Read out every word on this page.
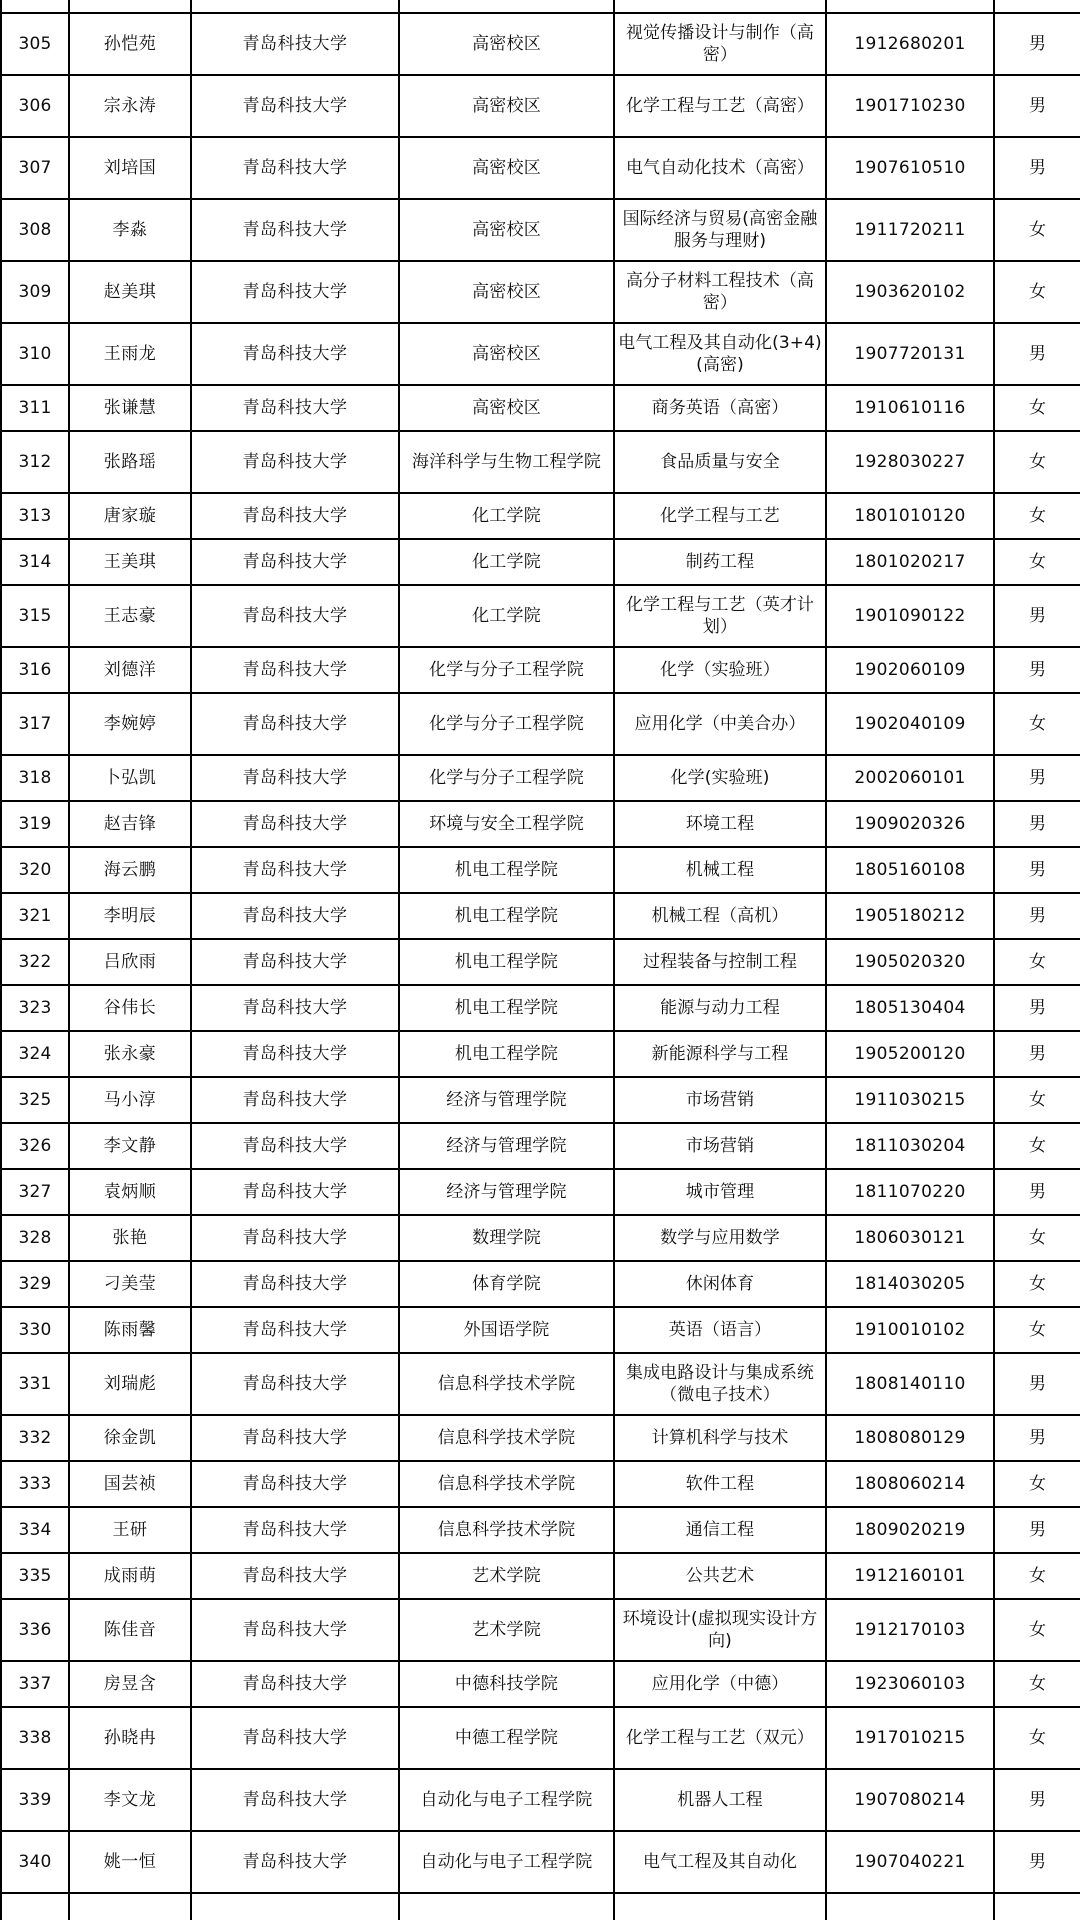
305	孙恺苑	青岛科技大学	高密校区	视觉传播设计与制作（高密）	1912680201	男
306	宗永涛	青岛科技大学	高密校区	化学工程与工艺（高密）	1901710230	男
307	刘培国	青岛科技大学	高密校区	电气自动化技术（高密）	1907610510	男
308	李淼	青岛科技大学	高密校区	国际经济与贸易(高密金融服务与理财)	1911720211	女
309	赵美琪	青岛科技大学	高密校区	高分子材料工程技术（高密）	1903620102	女
310	王雨龙	青岛科技大学	高密校区	电气工程及其自动化(3+4)(高密)	1907720131	男
311	张谦慧	青岛科技大学	高密校区	商务英语（高密）	1910610116	女
312	张路瑶	青岛科技大学	海洋科学与生物工程学院	食品质量与安全	1928030227	女
313	唐家璇	青岛科技大学	化工学院	化学工程与工艺	1801010120	女
314	王美琪	青岛科技大学	化工学院	制药工程	1801020217	女
315	王志豪	青岛科技大学	化工学院	化学工程与工艺（英才计划）	1901090122	男
316	刘德洋	青岛科技大学	化学与分子工程学院	化学（实验班）	1902060109	男
317	李婉婷	青岛科技大学	化学与分子工程学院	应用化学（中美合办）	1902040109	女
318	卜弘凯	青岛科技大学	化学与分子工程学院	化学(实验班)	2002060101	男
319	赵吉锋	青岛科技大学	环境与安全工程学院	环境工程	1909020326	男
320	海云鹏	青岛科技大学	机电工程学院	机械工程	1805160108	男
321	李明辰	青岛科技大学	机电工程学院	机械工程（高机）	1905180212	男
322	吕欣雨	青岛科技大学	机电工程学院	过程装备与控制工程	1905020320	女
323	谷伟长	青岛科技大学	机电工程学院	能源与动力工程	1805130404	男
324	张永豪	青岛科技大学	机电工程学院	新能源科学与工程	1905200120	男
325	马小淳	青岛科技大学	经济与管理学院	市场营销	1911030215	女
326	李文静	青岛科技大学	经济与管理学院	市场营销	1811030204	女
327	袁炳顺	青岛科技大学	经济与管理学院	城市管理	1811070220	男
328	张艳	青岛科技大学	数理学院	数学与应用数学	1806030121	女
329	刁美莹	青岛科技大学	体育学院	休闲体育	1814030205	女
330	陈雨馨	青岛科技大学	外国语学院	英语（语言）	1910010102	女
331	刘瑞彪	青岛科技大学	信息科学技术学院	集成电路设计与集成系统（微电子技术）	1808140110	男
332	徐金凯	青岛科技大学	信息科学技术学院	计算机科学与技术	1808080129	男
333	国芸祯	青岛科技大学	信息科学技术学院	软件工程	1808060214	女
334	王研	青岛科技大学	信息科学技术学院	通信工程	1809020219	男
335	成雨萌	青岛科技大学	艺术学院	公共艺术	1912160101	女
336	陈佳音	青岛科技大学	艺术学院	环境设计(虚拟现实设计方向)	1912170103	女
337	房昱含	青岛科技大学	中德科技学院	应用化学（中德）	1923060103	女
338	孙晓冉	青岛科技大学	中德工程学院	化学工程与工艺（双元）	1917010215	女
339	李文龙	青岛科技大学	自动化与电子工程学院	机器人工程	1907080214	男
340	姚一恒	青岛科技大学	自动化与电子工程学院	电气工程及其自动化	1907040221	男
